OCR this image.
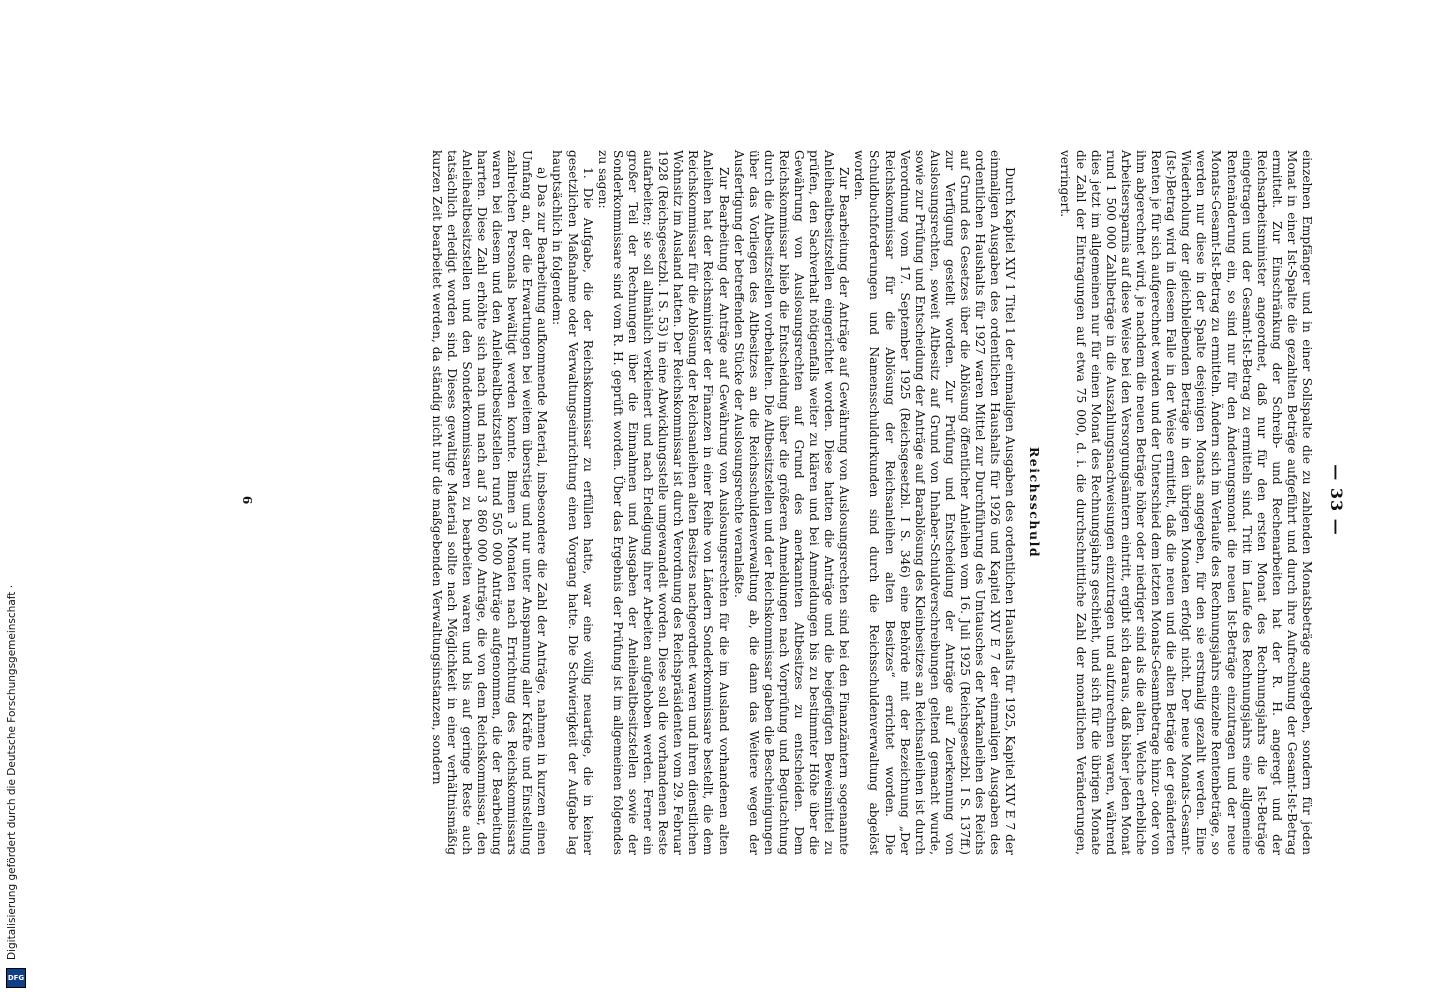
Digitalisierung gefördert durch die Deutsche Forschungsgemeinschaft ·
DFG
— 33 —

einzelnen Empfänger und in einer Sollspalte die zu zahlenden Monatsbeträge angegeben, sondern für jeden Monat in einer Ist-Spalte die gezahlten Beträge aufgeführt und durch ihre Aufrechnung der Gesamt-Ist-Betrag ermittelt. Zur Einschränkung der Schreib- und Rechenarbeiten hat der R. H. angeregt und der Reichsarbeitsminister angeordnet, daß nur für den ersten Monat des Rechnungsjahrs die Ist-Beträge eingetragen und der Gesamt-Ist-Betrag zu ermitteln sind. Tritt im Laufe des Rechnungsjahrs eine allgemeine Rentenänderung ein, so sind nur für den Änderungsmonat die neuen Ist-Beträge einzutragen und der neue Monats-Gesamt-Ist-Betrag zu ermitteln. Ändern sich im Verlaufe des Rechnungsjahrs einzelne Rentenbeträge, so werden nur diese in der Spalte desjenigen Monats angegeben, für den sie erstmalig gezahlt werden. Eine Wiederholung der gleichbleibenden Beträge in den übrigen Monaten erfolgt nicht. Der neue Monats-Gesamt-(Ist-)Betrag wird in diesem Falle in der Weise ermittelt, daß die neuen und die alten Beträge der geänderten Renten je für sich aufgerechnet werden und der Unterschied dem letzten Monats-Gesamtbetrage hinzu- oder von ihm abgerechnet wird, je nachdem die neuen Beträge höher oder niedriger sind als die alten. Welche erhebliche Arbeitsersparnis auf diese Weise bei den Versorgungsämtern eintritt, ergibt sich daraus, daß bisher jeden Monat rund 1 500 000 Zahlbeträge in die Auszahlungsnachweisungen einzutragen und aufzurechnen waren, während dies jetzt im allgemeinen nur für einen Monat des Rechnungsjahrs geschieht, und sich für die übrigen Monate die Zahl der Eintragungen auf etwa 75 000, d. i. die durchschnittliche Zahl der monatlichen Veränderungen, verringert.

Reichsschuld

Durch Kapitel XIV 1 Titel 1 der einmaligen Ausgaben des ordentlichen Haushalts für 1925, Kapitel XIV E 7 der einmaligen Ausgaben des ordentlichen Haushalts für 1926 und Kapitel XIV E 7 der einmaligen Ausgaben des ordentlichen Haushalts für 1927 waren Mittel zur Durchführung des Umtausches der Markanleihen des Reichs auf Grund des Gesetzes über die Ablösung öffentlicher Anleihen vom 16. Juli 1925 (Reichsgesetzbl. I S. 137ff.) zur Verfügung gestellt worden. Zur Prüfung und Entscheidung der Anträge auf Zuerkennung von Auslosungsrechten, soweit Altbesitz auf Grund von Inhaber-Schuldverschreibungen geltend gemacht wurde, sowie zur Prüfung und Entscheidung der Anträge auf Barablösung des Kleinbesitzes an Reichsanleihen ist durch Verordnung vom 17. September 1925 (Reichsgesetzbl. I S. 346) eine Behörde mit der Bezeichnung „Der Reichskommissar für die Ablösung der Reichsanleihen alten Besitzes“ errichtet worden. Die Schuldbuchforderungen und Namensschuldurkunden sind durch die Reichsschuldenverwaltung abgelöst worden.

Zur Bearbeitung der Anträge auf Gewährung von Auslosungsrechten sind bei den Finanzämtern sogenannte Anleihealtbesitzstellen eingerichtet worden. Diese hatten die Anträge und die beigefügten Beweismittel zu prüfen, den Sachverhalt nötigenfalls weiter zu klären und bei Anmeldungen bis zu bestimmter Höhe über die Gewährung von Auslosungsrechten auf Grund des anerkannten Altbesitzes zu entscheiden. Dem Reichskommissar blieb die Entscheidung über die größeren Anmeldungen nach Vorprüfung und Begutachtung durch die Altbesitzstellen vorbehalten. Die Altbesitzstellen und der Reichskommissar gaben die Bescheinigungen über das Vorliegen des Altbesitzes an die Reichsschuldenverwaltung ab, die dann das Weitere wegen der Ausfertigung der betreffenden Stücke der Auslosungsrechte veranlaßte.

Zur Bearbeitung der Anträge auf Gewährung von Auslosungsrechten für die im Ausland vorhandenen alten Anleihen hat der Reichsminister der Finanzen in einer Reihe von Ländern Sonderkommissare bestellt, die dem Reichskommissar für die Ablösung der Reichsanleihen alten Besitzes nachgeordnet waren und ihren dienstlichen Wohnsitz im Ausland hatten. Der Reichskommissar ist durch Verordnung des Reichspräsidenten vom 29. Februar 1928 (Reichsgesetzbl. I S. 53) in eine Abwicklungsstelle umgewandelt worden. Diese soll die vorhandenen Reste aufarbeiten; sie soll allmählich verkleinert und nach Erledigung ihrer Arbeiten aufgehoben werden. Ferner ein großer Teil der Rechnungen über die Einnahmen und Ausgaben der Anleihealtbesitzstellen sowie der Sonderkommissare sind vom R. H. geprüft worden. Über das Ergebnis der Prüfung ist im allgemeinen folgendes zu sagen:

1. Die Aufgabe, die der Reichskommissar zu erfüllen hatte, war eine völlig neuartige, die in keiner gesetzlichen Maßnahme oder Verwaltungseinrichtung einen Vorgang hatte. Die Schwierigkeit der Aufgabe lag hauptsächlich in folgendem:

a) Das zur Bearbeitung aufkommende Material, insbesondere die Zahl der Anträge, nahmen in kurzem einen Umfang an, der die Erwartungen bei weitem überstieg und nur unter Anspannung aller Kräfte und Einstellung zahlreichen Personals bewältigt werden konnte. Binnen 3 Monaten nach Errichtung des Reichskommissars waren bei diesem und den Anleihealtbesitzstellen rund 505 000 Anträge aufgenommen, die der Bearbeitung harrten. Diese Zahl erhöhte sich nach und nach auf 3 860 000 Anträge, die von dem Reichskommissar, den Anleihealtbesitzstellen und den Sonderkommissaren zu bearbeiten waren und bis auf geringe Reste auch tatsächlich erledigt worden sind. Dieses gewaltige Material sollte nach Möglichkeit in einer verhältnismäßig kurzen Zeit bearbeitet werden, da ständig nicht nur die maßgebenden Verwaltungsinstanzen, sondern

6
